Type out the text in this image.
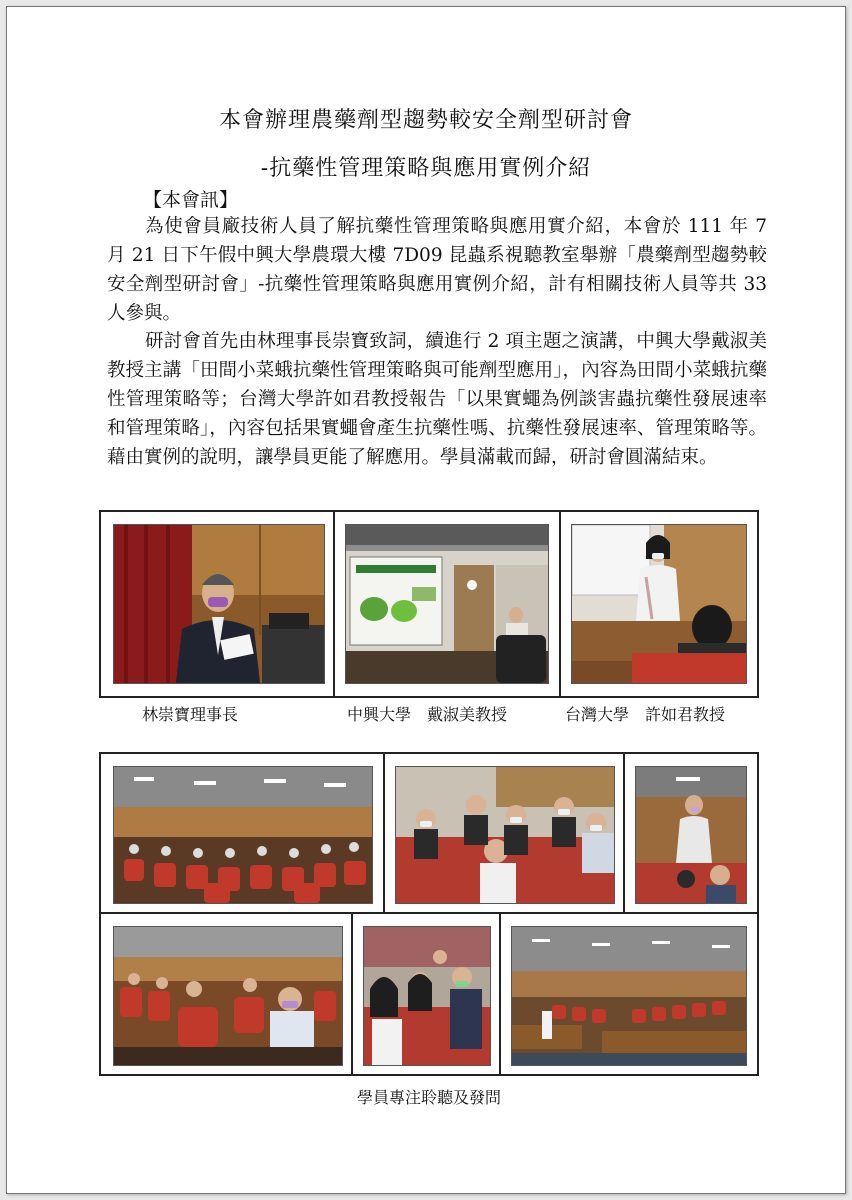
本會辦理農藥劑型趨勢較安全劑型研討會
-抗藥性管理策略與應用實例介紹
【本會訊】
為使會員廠技術人員了解抗藥性管理策略與應用實介紹，本會於 111 年 7 月 21 日下午假中興大學農環大樓 7D09 昆蟲系視聽教室舉辦「農藥劑型趨勢較安全劑型研討會」-抗藥性管理策略與應用實例介紹，計有相關技術人員等共 33 人參與。
研討會首先由林理事長崇寶致詞，續進行 2 項主題之演講，中興大學戴淑美教授主講「田間小菜蛾抗藥性管理策略與可能劑型應用」，內容為田間小菜蛾抗藥性管理策略等；台灣大學許如君教授報告「以果實蠅為例談害蟲抗藥性發展速率和管理策略」，內容包括果實蠅會產生抗藥性嗎、抗藥性發展速率、管理策略等。藉由實例的說明，讓學員更能了解應用。學員滿載而歸，研討會圓滿結束。
林崇寶理事長	中興大學　戴淑美教授	台灣大學　許如君教授
學員專注聆聽及發問
